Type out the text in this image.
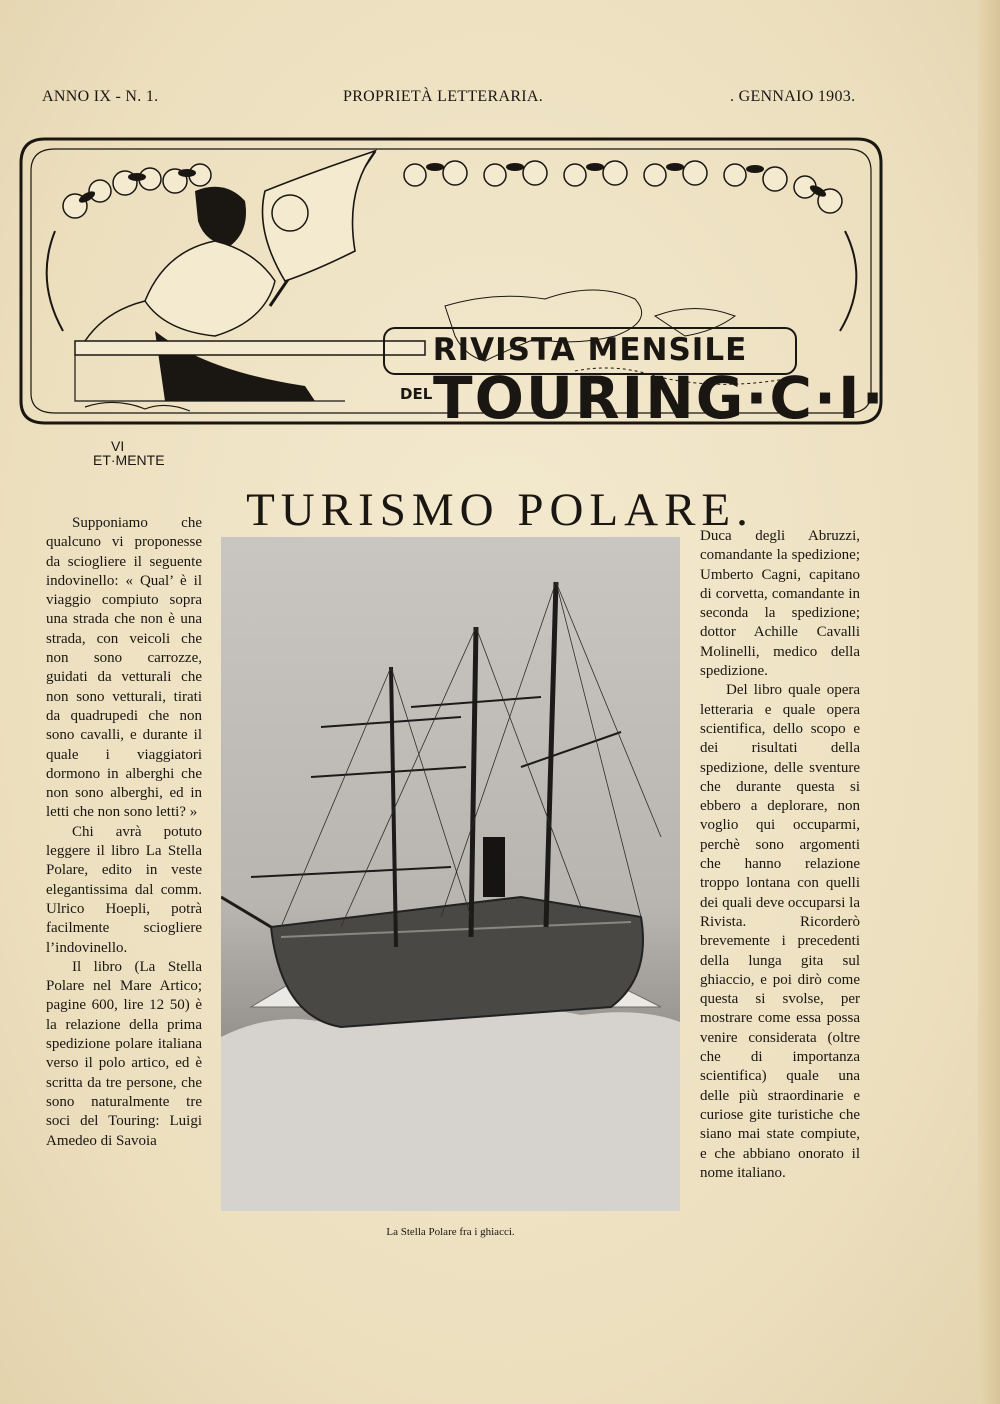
ANNO IX - N. 1.	PROPRIETÀ LETTERARIA.	. GENNAIO 1903.
RIVISTA MENSILE
DEL TOURING·C·I·
VI
ET·MENTE
TURISMO POLARE.

Supponiamo che qualcuno vi proponesse da sciogliere il seguente indovinello: « Qual’ è il viaggio compiuto sopra una strada che non è una strada, con veicoli che non sono carrozze, guidati da vetturali che non sono vetturali, tirati da quadrupedi che non sono cavalli, e durante il quale i viaggiatori dormono in alberghi che non sono alberghi, ed in letti che non sono letti? »

Chi avrà potuto leggere il libro La Stella Polare, edito in veste elegantissima dal comm. Ulrico Hoepli, potrà facilmente sciogliere l’indovinello.

Il libro (La Stella Polare nel Mare Artico; pagine 600, lire 12 50) è la relazione della prima spedizione polare italiana verso il polo artico, ed è scritta da tre persone, che sono naturalmente tre soci del Touring: Luigi Amedeo di Savoia

La Stella Polare fra i ghiacci.

Duca degli Abruzzi, comandante la spedizione; Umberto Cagni, capitano di corvetta, comandante in seconda la spedizione; dottor Achille Cavalli Molinelli, medico della spedizione.

Del libro quale opera letteraria e quale opera scientifica, dello scopo e dei risultati della spedizione, delle sventure che durante questa si ebbero a deplorare, non voglio qui occuparmi, perchè sono argomenti che hanno relazione troppo lontana con quelli dei quali deve occuparsi la Rivista. Ricorderò brevemente i precedenti della lunga gita sul ghiaccio, e poi dirò come questa si svolse, per mostrare come essa possa venire considerata (oltre che di importanza scientifica) quale una delle più straordinarie e curiose gite turistiche che siano mai state compiute, e che abbiano onorato il nome italiano.
